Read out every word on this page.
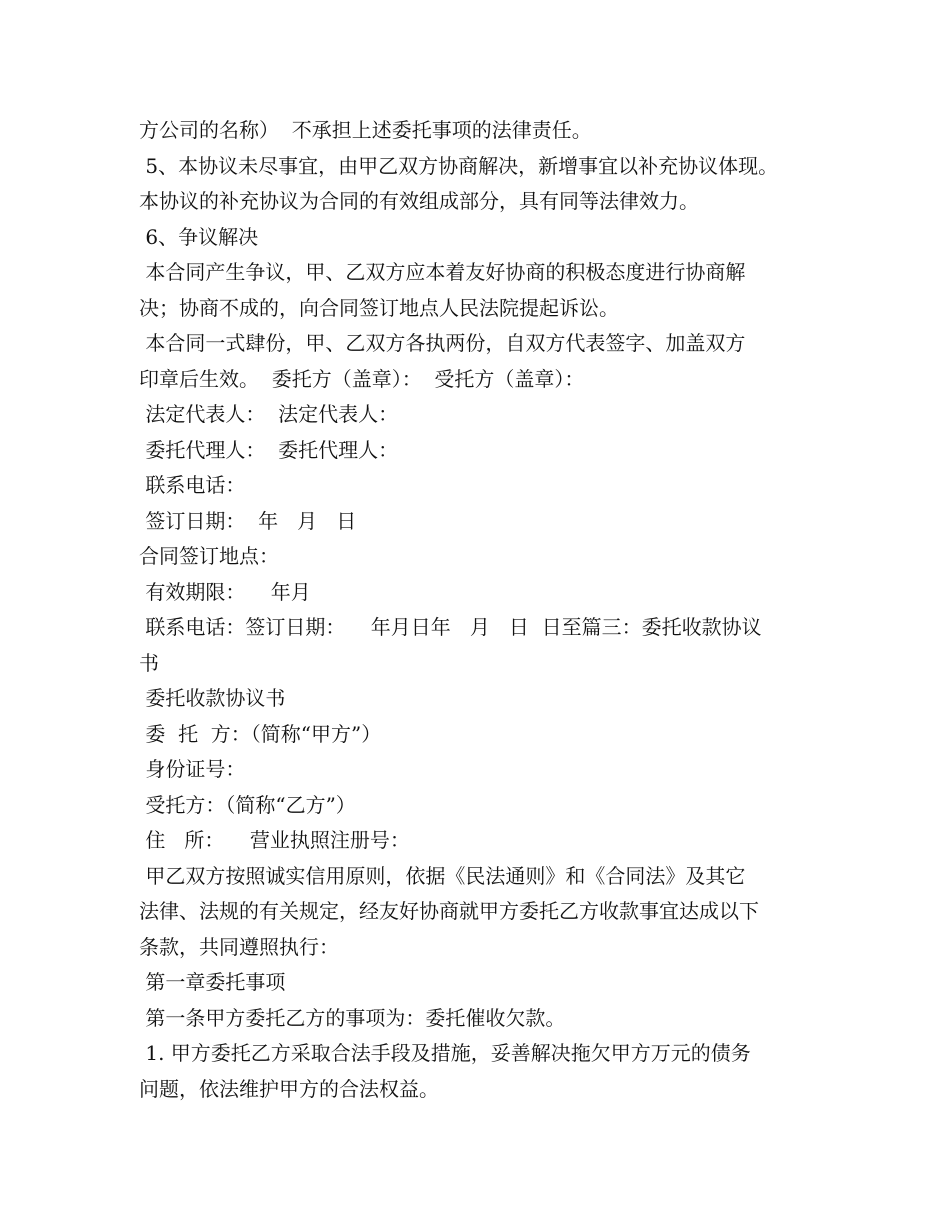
方公司的名称）  不承担上述委托事项的法律责任。
5、本协议未尽事宜，由甲乙双方协商解决，新增事宜以补充协议体现。
本协议的补充协议为合同的有效组成部分，具有同等法律效力。
6、争议解决
本合同产生争议，甲、乙双方应本着友好协商的积极态度进行协商解
决；协商不成的，向合同签订地点人民法院提起诉讼。
本合同一式肆份，甲、乙双方各执两份，自双方代表签字、加盖双方
印章后生效。  委托方（盖章）：  受托方（盖章）：
法定代表人：  法定代表人：
委托代理人：  委托代理人：
联系电话：
签订日期：  年   月   日
合同签订地点：
有效期限：    年月
联系电话：签订日期：    年月日年   月   日  日至篇三：委托收款协议
书
委托收款协议书
委  托  方：（简称“甲方”）
身份证号：
受托方：（简称“乙方”）
住   所：    营业执照注册号：
甲乙双方按照诚实信用原则，依据《民法通则》和《合同法》及其它
法律、法规的有关规定，经友好协商就甲方委托乙方收款事宜达成以下
条款，共同遵照执行：
第一章委托事项
第一条甲方委托乙方的事项为：委托催收欠款。
1. 甲方委托乙方采取合法手段及措施，妥善解决拖欠甲方万元的债务
问题，依法维护甲方的合法权益。
